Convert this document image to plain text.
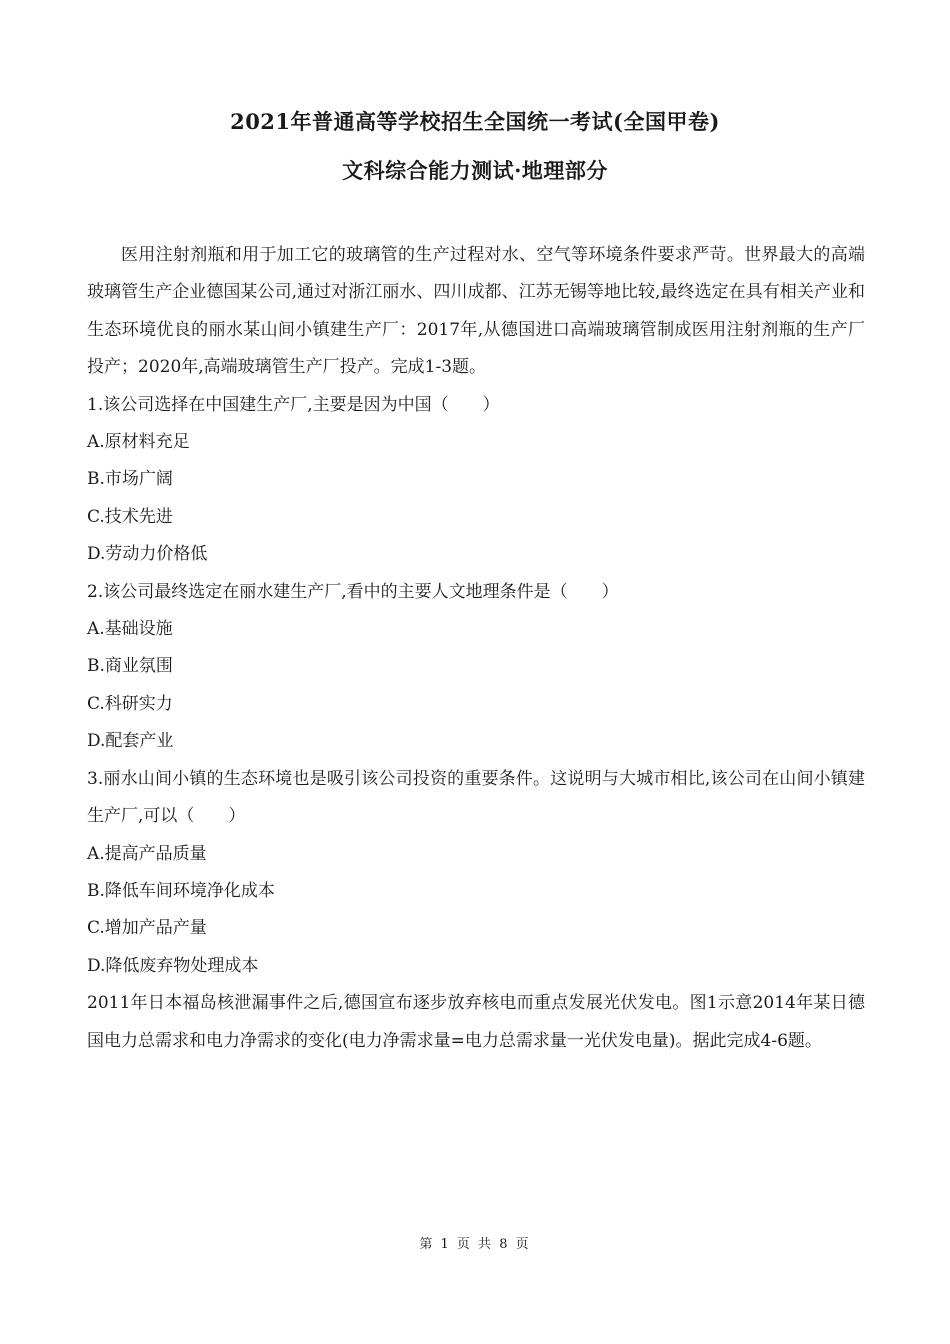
2021年普通高等学校招生全国统一考试(全国甲卷)
文科综合能力测试·地理部分

医用注射剂瓶和用于加工它的玻璃管的生产过程对水、空气等环境条件要求严苛。世界最大的高端玻璃管生产企业德国某公司,通过对浙江丽水、四川成都、江苏无锡等地比较,最终选定在具有相关产业和生态环境优良的丽水某山间小镇建生产厂：2017年,从德国进口高端玻璃管制成医用注射剂瓶的生产厂投产；2020年,高端玻璃管生产厂投产。完成1-3题。

1.该公司选择在中国建生产厂,主要是因为中国（　　）

A.原材料充足

B.市场广阔

C.技术先进

D.劳动力价格低

2.该公司最终选定在丽水建生产厂,看中的主要人文地理条件是（　　）

A.基础设施

B.商业氛围

C.科研实力

D.配套产业

3.丽水山间小镇的生态环境也是吸引该公司投资的重要条件。这说明与大城市相比,该公司在山间小镇建生产厂,可以（　　）

A.提高产品质量

B.降低车间环境净化成本

C.增加产品产量

D.降低废弃物处理成本

2011年日本福岛核泄漏事件之后,德国宣布逐步放弃核电而重点发展光伏发电。图1示意2014年某日德国电力总需求和电力净需求的变化(电力净需求量=电力总需求量一光伏发电量)。据此完成4-6题。

第 1 页 共 8 页
